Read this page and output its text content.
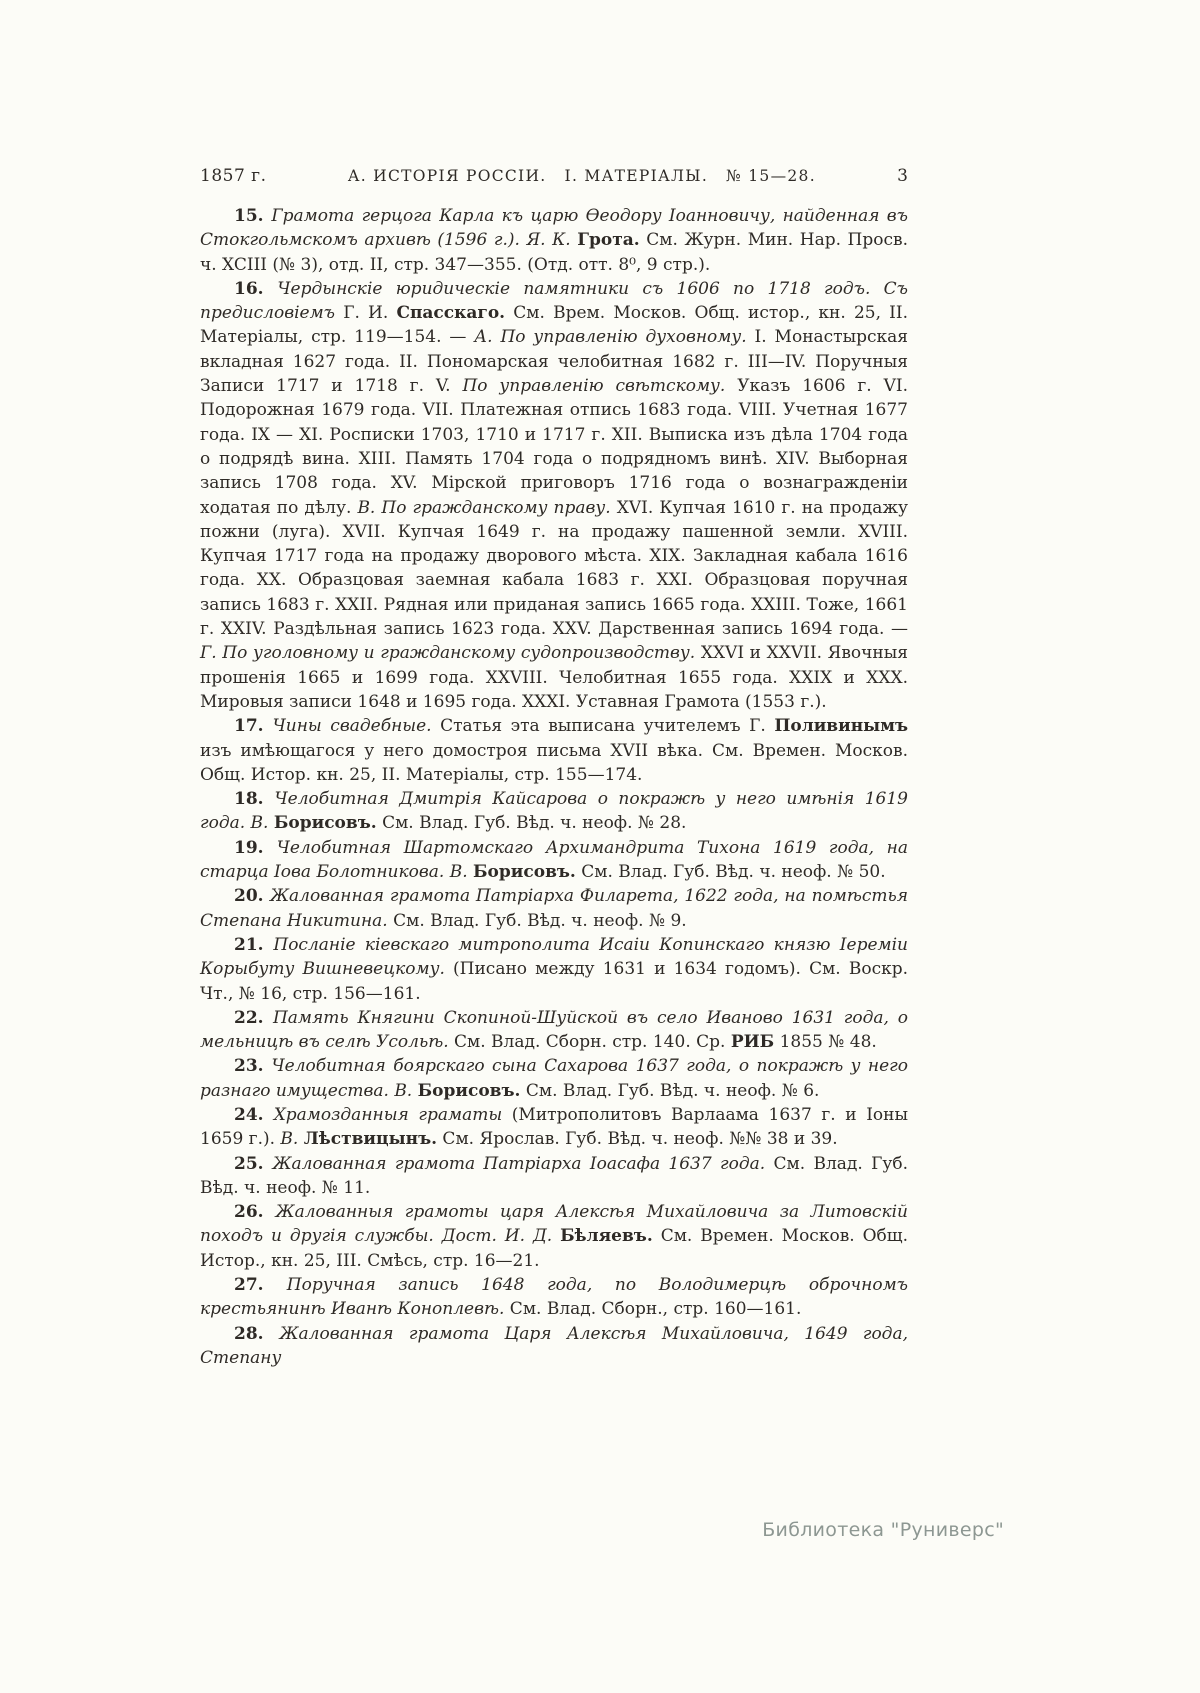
1857 г.	А. ИСТОРІЯ РОССІИ. I. МАТЕРІАЛЫ. № 15—28.	3

15. Грамота герцога Карла къ царю Ѳеодору Іоанновичу, найденная въ Стокгольмскомъ архивѣ (1596 г.). Я. К. Грота. См. Журн. Мин. Нар. Просв. ч. XCIII (№ 3), отд. II, стр. 347—355. (Отд. отт. 8⁰, 9 стр.).

16. Чердынскіе юридическіе памятники съ 1606 по 1718 годъ. Съ предисловіемъ Г. И. Спасскаго. См. Врем. Москов. Общ. истор., кн. 25, II. Матеріалы, стр. 119—154. — А. По управленію духовному. I. Монастырская вкладная 1627 года. II. Пономарская челобитная 1682 г. III—IV. Поручныя Записи 1717 и 1718 г. V. По управленію свѣтскому. Указъ 1606 г. VI. Подорожная 1679 года. VII. Платежная отпись 1683 года. VIII. Учетная 1677 года. IX — XI. Росписки 1703, 1710 и 1717 г. XII. Выписка изъ дѣла 1704 года о подрядѣ вина. XIII. Память 1704 года о подрядномъ винѣ. XIV. Выборная запись 1708 года. XV. Мірской приговоръ 1716 года о вознагражденіи ходатая по дѣлу. В. По гражданскому праву. XVI. Купчая 1610 г. на продажу пожни (луга). XVII. Купчая 1649 г. на продажу пашенной земли. XVIII. Купчая 1717 года на продажу дворового мѣста. XIX. Закладная кабала 1616 года. XX. Образцовая заемная кабала 1683 г. XXI. Образцовая поручная запись 1683 г. XXII. Рядная или приданая запись 1665 года. XXIII. Тоже, 1661 г. XXIV. Раздѣльная запись 1623 года. XXV. Дарственная запись 1694 года. — Г. По уголовному и гражданскому судопроизводству. XXVI и XXVII. Явочныя прошенія 1665 и 1699 года. XXVIII. Челобитная 1655 года. XXIX и XXX. Мировыя записи 1648 и 1695 года. XXXI. Уставная Грамота (1553 г.).

17. Чины свадебные. Статья эта выписана учителемъ Г. Поливинымъ изъ имѣющагося у него домостроя письма XVII вѣка. См. Времен. Москов. Общ. Истор. кн. 25, II. Матеріалы, стр. 155—174.

18. Челобитная Дмитрія Кайсарова о покражѣ у него имѣнія 1619 года. В. Борисовъ. См. Влад. Губ. Вѣд. ч. неоф. № 28.

19. Челобитная Шартомскаго Архимандрита Тихона 1619 года, на старца Іова Болотникова. В. Борисовъ. См. Влад. Губ. Вѣд. ч. неоф. № 50.

20. Жалованная грамота Патріарха Филарета, 1622 года, на помѣстья Степана Никитина. См. Влад. Губ. Вѣд. ч. неоф. № 9.

21. Посланіе кіевскаго митрополита Исаіи Копинскаго князю Іереміи Корыбуту Вишневецкому. (Писано между 1631 и 1634 годомъ). См. Воскр. Чт., № 16, стр. 156—161.

22. Память Княгини Скопиной-Шуйской въ село Иваново 1631 года, о мельницѣ въ селѣ Усольѣ. См. Влад. Сборн. стр. 140. Ср. РИБ 1855 № 48.

23. Челобитная боярскаго сына Сахарова 1637 года, о покражѣ у него разнаго имущества. В. Борисовъ. См. Влад. Губ. Вѣд. ч. неоф. № 6.

24. Храмозданныя граматы (Митрополитовъ Варлаама 1637 г. и Іоны 1659 г.). В. Лѣствицынъ. См. Ярослав. Губ. Вѣд. ч. неоф. №№ 38 и 39.

25. Жалованная грамота Патріарха Іоасафа 1637 года. См. Влад. Губ. Вѣд. ч. неоф. № 11.

26. Жалованныя грамоты царя Алексѣя Михайловича за Литовскій походъ и другія службы. Дост. И. Д. Бѣляевъ. См. Времен. Москов. Общ. Истор., кн. 25, III. Смѣсь, стр. 16—21.

27. Поручная запись 1648 года, по Володимерцѣ оброчномъ крестьянинѣ Иванѣ Коноплевѣ. См. Влад. Сборн., стр. 160—161.

28. Жалованная грамота Царя Алексѣя Михайловича, 1649 года, Степану

Библиотека "Руниверс"
